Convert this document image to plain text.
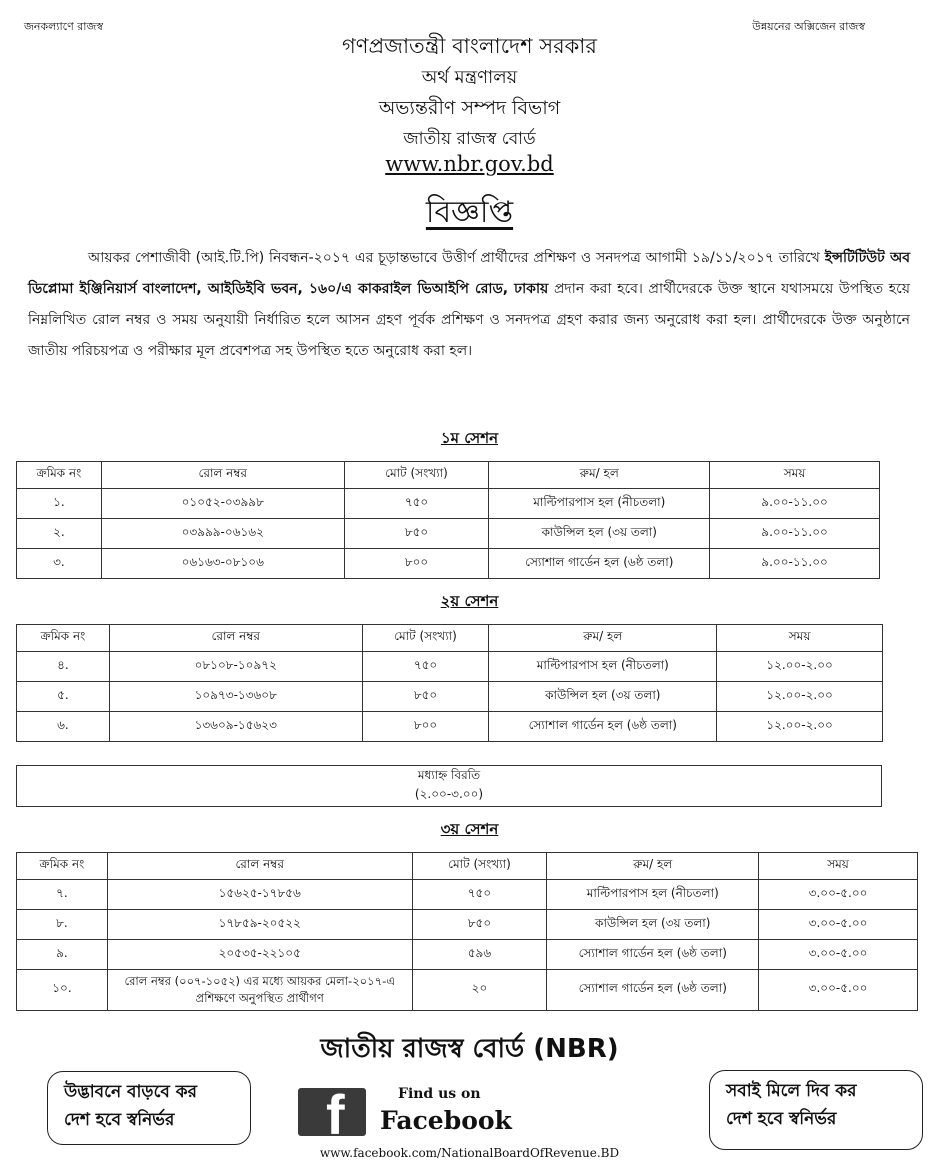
জনকল্যাণে রাজস্ব	উন্নয়নের অক্সিজেন রাজস্ব
গণপ্রজাতন্ত্রী বাংলাদেশ সরকার
অর্থ মন্ত্রণালয়
অভ্যন্তরীণ সম্পদ বিভাগ
জাতীয় রাজস্ব বোর্ড
www.nbr.gov.bd
বিজ্ঞপ্তি
আয়কর পেশাজীবী (আই.টি.পি) নিবন্ধন-২০১৭ এর চূড়ান্তভাবে উত্তীর্ণ প্রার্থীদের প্রশিক্ষণ ও সনদপত্র আগামী ১৯/১১/২০১৭ তারিখে ইন্সটিটিউট অব ডিপ্লোমা ইঞ্জিনিয়ার্স বাংলাদেশ, আইডিইবি ভবন, ১৬০/এ কাকরাইল ভিআইপি রোড, ঢাকায় প্রদান করা হবে। প্রার্থীদেরকে উক্ত স্থানে যথাসময়ে উপস্থিত হয়ে নিম্নলিখিত রোল নম্বর ও সময় অনুযায়ী নির্ধারিত হলে আসন গ্রহণ পূর্বক প্রশিক্ষণ ও সনদপত্র গ্রহণ করার জন্য অনুরোধ করা হল। প্রার্থীদেরকে উক্ত অনুষ্ঠানে জাতীয় পরিচয়পত্র ও পরীক্ষার মূল প্রবেশপত্র সহ উপস্থিত হতে অনুরোধ করা হল।
১ম সেশন
ক্রমিক নং	রোল নম্বর	মোট (সংখ্যা)	রুম/ হল	সময়
১.	০১০৫২-০৩৯৯৮	৭৫০	মাল্টিপারপাস হল (নীচতলা)	৯.০০-১১.০০
২.	০৩৯৯৯-০৬১৬২	৮৫০	কাউন্সিল হল (৩য় তলা)	৯.০০-১১.০০
৩.	০৬১৬৩-০৮১০৬	৮০০	স্যোশাল গার্ডেন হল (৬ষ্ঠ তলা)	৯.০০-১১.০০
২য় সেশন
ক্রমিক নং	রোল নম্বর	মোট (সংখ্যা)	রুম/ হল	সময়
৪.	০৮১০৮-১০৯৭২	৭৫০	মাল্টিপারপাস হল (নীচতলা)	১২.০০-২.০০
৫.	১০৯৭৩-১৩৬০৮	৮৫০	কাউন্সিল হল (৩য় তলা)	১২.০০-২.০০
৬.	১৩৬০৯-১৫৬২৩	৮০০	স্যোশাল গার্ডেন হল (৬ষ্ঠ তলা)	১২.০০-২.০০
মধ্যাহ্ন বিরতি
(২.০০-৩.০০)
৩য় সেশন
ক্রমিক নং	রোল নম্বর	মোট (সংখ্যা)	রুম/ হল	সময়
৭.	১৫৬২৫-১৭৮৫৬	৭৫০	মাল্টিপারপাস হল (নীচতলা)	৩.০০-৫.০০
৮.	১৭৮৫৯-২০৫২২	৮৫০	কাউন্সিল হল (৩য় তলা)	৩.০০-৫.০০
৯.	২০৫৩৫-২২১০৫	৫৯৬	স্যোশাল গার্ডেন হল (৬ষ্ঠ তলা)	৩.০০-৫.০০
১০.	রোল নম্বর (০০৭-১০৫২) এর মধ্যে আয়কর মেলা-২০১৭-এ প্রশিক্ষণে অনুপস্থিত প্রার্থীগণ	২০	স্যোশাল গার্ডেন হল (৬ষ্ঠ তলা)	৩.০০-৫.০০
জাতীয় রাজস্ব বোর্ড (NBR)
উদ্ভাবনে বাড়বে কর
দেশ হবে স্বনির্ভর	f	Find us on
Facebook
www.facebook.com/NationalBoardOfRevenue.BD
সবাই মিলে দিব কর
দেশ হবে স্বনির্ভর
